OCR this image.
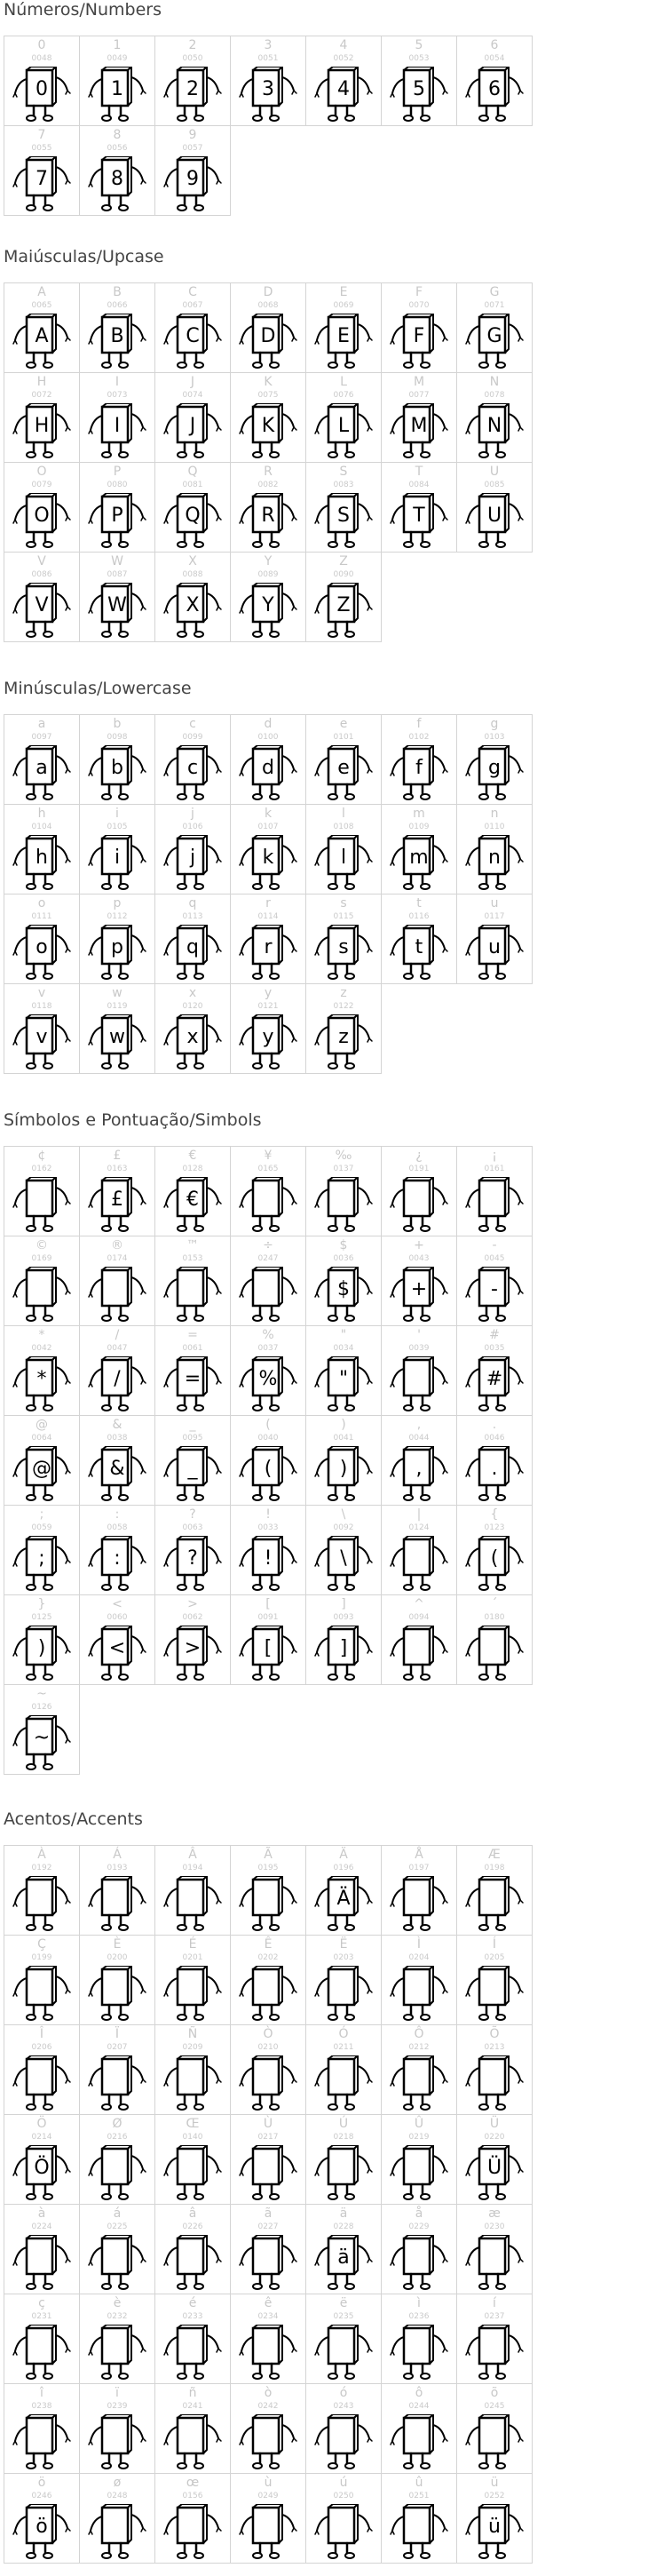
Números/Numbers
0
0048
0
1
0049
1
2
0050
2
3
0051
3
4
0052
4
5
0053
5
6
0054
6
7
0055
7
8
0056
8
9
0057
9
Maiúsculas/Upcase
A
0065
A
B
0066
B
C
0067
C
D
0068
D
E
0069
E
F
0070
F
G
0071
G
H
0072
H
I
0073
I
J
0074
J
K
0075
K
L
0076
L
M
0077
M
N
0078
N
O
0079
O
P
0080
P
Q
0081
Q
R
0082
R
S
0083
S
T
0084
T
U
0085
U
V
0086
V
W
0087
W
X
0088
X
Y
0089
Y
Z
0090
Z
Minúsculas/Lowercase
a
0097
a
b
0098
b
c
0099
c
d
0100
d
e
0101
e
f
0102
f
g
0103
g
h
0104
h
i
0105
i
j
0106
j
k
0107
k
l
0108
l
m
0109
m
n
0110
n
o
0111
o
p
0112
p
q
0113
q
r
0114
r
s
0115
s
t
0116
t
u
0117
u
v
0118
v
w
0119
w
x
0120
x
y
0121
y
z
0122
z
Símbolos e Pontuação/Simbols
¢
0162
£
0163
£
€
0128
€
¥
0165
‰
0137
¿
0191
¡
0161
©
0169
®
0174
™
0153
÷
0247
$
0036
$
+
0043
+
-
0045
-
*
0042
*
/
0047
/
=
0061
=
%
0037
%
"
0034
"
'
0039
#
0035
#
@
0064
@
&
0038
&
_
0095
_
(
0040
(
)
0041
)
,
0044
,
.
0046
.
;
0059
;
:
0058
:
?
0063
?
!
0033
!
\
0092
\
|
0124
{
0123
(
}
0125
)
<
0060
<
>
0062
>
[
0091
[
]
0093
]
^
0094
´
0180
~
0126
~
Acentos/Accents
À
0192
Á
0193
Â
0194
Ã
0195
Ä
0196
Ä
Å
0197
Æ
0198
Ç
0199
È
0200
É
0201
Ê
0202
Ë
0203
Ì
0204
Í
0205
Î
0206
Ï
0207
Ñ
0209
Ò
0210
Ó
0211
Ô
0212
Õ
0213
Ö
0214
Ö
Ø
0216
Œ
0140
Ù
0217
Ú
0218
Û
0219
Ü
0220
Ü
à
0224
á
0225
â
0226
ã
0227
ä
0228
ä
å
0229
æ
0230
ç
0231
è
0232
é
0233
ê
0234
ë
0235
ì
0236
í
0237
î
0238
ï
0239
ñ
0241
ò
0242
ó
0243
ô
0244
õ
0245
ö
0246
ö
ø
0248
œ
0156
ù
0249
ú
0250
û
0251
ü
0252
ü
